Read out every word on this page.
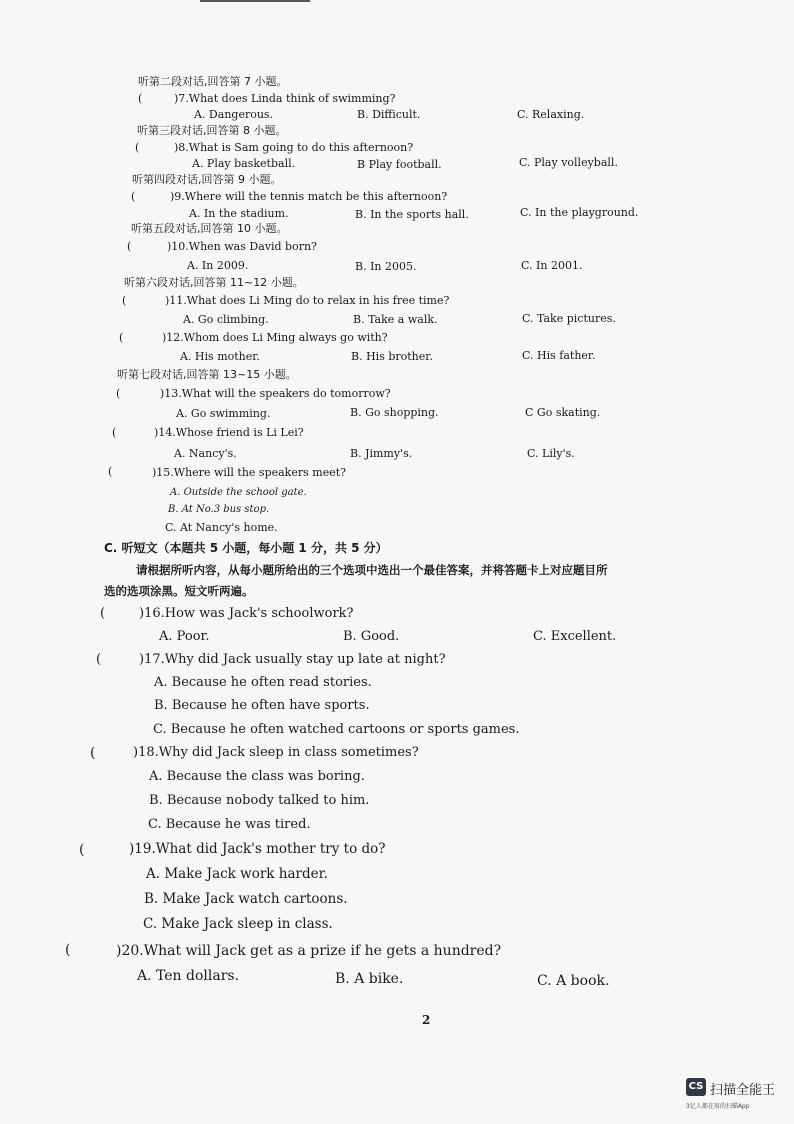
听第二段对话,回答第 7 小题。
(	)7.What does Linda think of swimming?
A. Dangerous.	B. Difficult.	C. Relaxing.
听第三段对话,回答第 8 小题。
(	)8.What is Sam going to do this afternoon?
A. Play basketball.	B Play football.	C. Play volleyball.
听第四段对话,回答第 9 小题。
(	)9.Where will the tennis match be this afternoon?
A. In the stadium.	B. In the sports hall.	C. In the playground.
听第五段对话,回答第 10 小题。
(	)10.When was David born?
A. In 2009.	B. In 2005.	C. In 2001.
听第六段对话,回答第 11~12 小题。
(	)11.What does Li Ming do to relax in his free time?
A. Go climbing.	B. Take a walk.	C. Take pictures.
(	)12.Whom does Li Ming always go with?
A. His mother.	B. His brother.	C. His father.
听第七段对话,回答第 13~15 小题。
(	)13.What will the speakers do tomorrow?
A. Go swimming.	B. Go shopping.	C Go skating.
(	)14.Whose friend is Li Lei?
A. Nancy's.	B. Jimmy's.	C. Lily's.
(	)15.Where will the speakers meet?
A. Outside the school gate.
B. At No.3 bus stop.
C. At Nancy's home.
C. 听短文（本题共 5 小题，每小题 1 分，共 5 分）
请根据所听内容，从每小题所给出的三个选项中选出一个最佳答案，并将答题卡上对应题目所
选的选项涂黑。短文听两遍。
(	)16.How was Jack's schoolwork?
A. Poor.	B. Good.	C. Excellent.
(	)17.Why did Jack usually stay up late at night?
A. Because he often read stories.
B. Because he often have sports.
C. Because he often watched cartoons or sports games.
(	)18.Why did Jack sleep in class sometimes?
A. Because the class was boring.
B. Because nobody talked to him.
C. Because he was tired.
(	)19.What did Jack's mother try to do?
A. Make Jack work harder.
B. Make Jack watch cartoons.
C. Make Jack sleep in class.
(	)20.What will Jack get as a prize if he gets a hundred?
A. Ten dollars.	B. A bike.	C. A book.
2
CS 扫描全能王
3亿人都在用的扫描App
